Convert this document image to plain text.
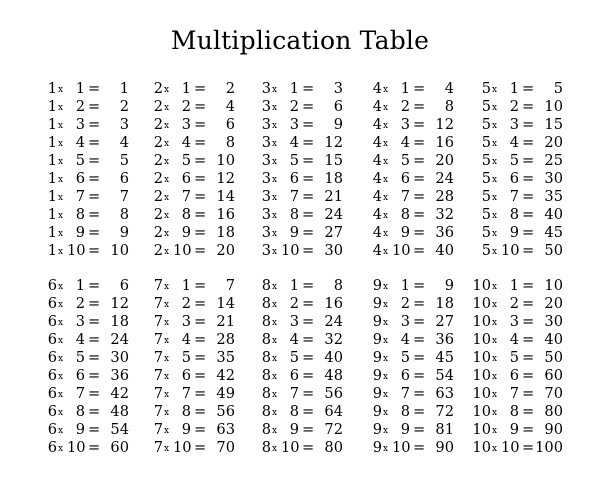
Multiplication Table
1 x 1 =	1
1 x 2 =	2
1 x 3 =	3
1 x 4 =	4
1 x 5 =	5
1 x 6 =	6
1 x 7 =	7
1 x 8 =	8
1 x 9 =	9
1 x 10 = 10
2 x 1 =	2
2 x 2 =	4
2 x 3 =	6
2 x 4 =	8
2 x 5 = 10
2 x 6 = 12
2 x 7 = 14
2 x 8 = 16
2 x 9 = 18
2 x 10 = 20
3 x 1 =	3
3 x 2 =	6
3 x 3 =	9
3 x 4 = 12
3 x 5 = 15
3 x 6 = 18
3 x 7 = 21
3 x 8 = 24
3 x 9 = 27
3 x 10 = 30
4 x 1 =	4
4 x 2 =	8
4 x 3 = 12
4 x 4 = 16
4 x 5 = 20
4 x 6 = 24
4 x 7 = 28
4 x 8 = 32
4 x 9 = 36
4 x 10 = 40
5 x 1 =	5
5 x 2 = 10
5 x 3 = 15
5 x 4 = 20
5 x 5 = 25
5 x 6 = 30
5 x 7 = 35
5 x 8 = 40
5 x 9 = 45
5 x 10 = 50
6 x 1 =	6
6 x 2 = 12
6 x 3 = 18
6 x 4 = 24
6 x 5 = 30
6 x 6 = 36
6 x 7 = 42
6 x 8 = 48
6 x 9 = 54
6 x 10 = 60
7 x 1 =	7
7 x 2 = 14
7 x 3 = 21
7 x 4 = 28
7 x 5 = 35
7 x 6 = 42
7 x 7 = 49
7 x 8 = 56
7 x 9 = 63
7 x 10 = 70
8 x 1 =	8
8 x 2 = 16
8 x 3 = 24
8 x 4 = 32
8 x 5 = 40
8 x 6 = 48
8 x 7 = 56
8 x 8 = 64
8 x 9 = 72
8 x 10 = 80
9 x 1 =	9
9 x 2 = 18
9 x 3 = 27
9 x 4 = 36
9 x 5 = 45
9 x 6 = 54
9 x 7 = 63
9 x 8 = 72
9 x 9 = 81
9 x 10 = 90
10 x 1 = 10
10 x 2 = 20
10 x 3 = 30
10 x 4 = 40
10 x 5 = 50
10 x 6 = 60
10 x 7 = 70
10 x 8 = 80
10 x 9 = 90
10 x 10 = 100
